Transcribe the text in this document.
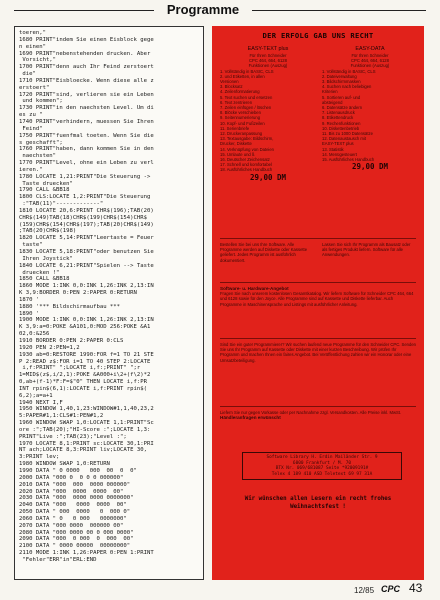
Programme
toeren,"
1680 PRINT"indem Sie einen Eisblock gege
n einen"
1690 PRINT"nebenstehenden drucken. Aber
Vorsicht,"
1700 PRINT"denn auch Ihr Feind zerstoert
die"
1710 PRINT"Eisbloecke. Wenn diese alle z
erstoert"
1720 PRINT"sind, verlieren sie ein Leben
und kommen";
1730 PRINT"in den naechsten Level. Um di
es zu "
1740 PRINT"verhindern, muessen Sie Ihren
Feind"
1750 PRINT"fuenfmal toeten. Wenn Sie die
s geschafft";
1760 PRINT"haben, dann kommen Sie in den
naechsten"
1770 PRINT"Level, ohne ein Leben zu verl
ieren."
1780 LOCATE 1,21:PRINT"Die Steuerung ->
Taste druecken"
1790 CALL &BB18
1800 CLS:LOCATE 1,2:PRINT"Die Steuerung
:"TAB(11)"-------------"
1810 LOCATE 20,6:PRINT CHR$(196);TAB(20)
CHR$(149)TAB(18)CHR$(199)CHR$(154)CHR$
(159)CHR$(154)CHR$(197);TAB(20)CHR$(149)
;TAB(20)CHR$(198)
1820 LOCATE 5,14:PRINT"Leertaste = Feuer
taste"
1830 LOCATE 5,18:PRINT"oder benutzen Sie
Ihren Joystick"
1840 LOCATE 6,21:PRINT"Spielen --> Taste
druecken !"
1850 CALL &BB18
1860 MODE 1:INK 0,0:INK 1,26:INK 2,13:IN
K 3,9:BORDER 0:PEN 2:PAPER 0:RETURN
1870 '
1880 '*** Bildschirmaufbau ***
1890 '
1900 MODE 1:INK 0,0:INK 1,26:INK 2,13:IN
K 3,9:a=0:POKE &A101,0:MOD 256:POKE &A1
02,0:&256
1910 BORDER 0:PEN 2:PAPER 0:CLS
1920 PEN 2:PEN=1,2
1930 ab=0:RESTORE 1990:FOR f=1 TO 21 STE
P 2:READ z$:FOR i=1 TO 40 STEP 2:LOCATE
i,f:PRINT" ";LOCATE i,f:;PRINT" ";r
1=MID$(z$,i/2,1):POKE &A000+i\2+(f\2)*2
0,ab+(f-1)*F:F=$"0" THEN LOCATE i,f:PR
INT rpin$(6,1):LOCATE i,f:PRINT rpin$(
6,2);a=a+1
1940 NEXT I,F
1950 WINDOW 1,40,1,23:WINDOW#1,1,40,23,2
5:PAPER#1,1:CLS#1:PEN#1,2
1960 WINDOW SWAP 1,0:LOCATE 1,1:PRINT"Sc
ore :";TAB(20);"HI-Score :";LOCATE 1,3:
PRINT"Live :";TAB(23);"Level :";
1970 LOCATE 8,1:PRINT sc:LOCATE 30,1:PRI
NT ach;LOCATE 8,3:PRINT liv;LOCATE 30,
3:PRINT lev;
1980 WINDOW SWAP 1,0:RETURN
1990 DATA " 0 0000   000  00  0  0"
2000 DATA "000 0  0 0 0 000000"
2010 DATA "000  000  0000 000000"
2020 DATA "000  0000  0000  00"
2030 DATA "000  0000 0000 0000000"
2040 DATA "000   0000  0000  00"
2050 DATA " 000  0000   0  000 0"
2060 DATA " 0   0 000   0000000"
2070 DATA "000 0000  000000 00"
2080 DATA "000 0000 00 0 000 0000"
2090 DATA "000  0 000  0  000  00"
2100 DATA " 0000 00000  00000000"
2110 MODE 1:INK 1,26:PAPER 0:PEN 1:PRINT
"Fehler"ERR"in"ERL:END
DER ERFOLG GAB UNS RECHT
EASY-TEXT plus
Für Ihren Schneider
CPC 464, 664, 6128
Funktionen (Auszug)
1. Vollständig in BASIC, CLS
2. und Etiketten, in allen
Versionen
3. Blocksatz
4. Zeilenformatierung
5. Text suchen und ersetzen
6. Text zentrieren
7. Zeilen einfügen / löschen
8. Blöcke verschieben
9. Seitennumerierung
10. Kopf- und Fußzeilen
11. Serienbriefe
12. Druckeranpassung
13. Textausgabe: Bildschirm,
Drucker, Diskette
14. Verknüpfung von Dateien
15. Umlaute und ß
16. Deutscher Zeichensatz
17. Schnell und komfortabel
18. Ausführliches Handbuch
29,00 DM
EASY-DATA
Für Ihren Schneider
CPC 464, 664, 6128
Funktionen (Auszug)
1. Vollständig in BASIC, CLS
2. Dateiverwaltung
3. Bildschirmmasken
4. Suchen nach beliebigen
Kriterien
5. Sortieren auf- und
absteigend
6. Datensätze ändern
7. Listenausdruck
8. Etikettendruck
9. Rechenfunktionen
10. Diskettenbetrieb
11. Bis zu 1000 Datensätze
12. Datenaustausch mit
EASY-TEXT plus
13. Statistik
14. Menügesteuert
15. Ausführliches Handbuch
29,00 DM
Bestellen Sie bei uns Ihre Software. Alle Programme werden auf Diskette oder Kassette geliefert. Jedes Programm ist ausführlich dokumentiert.
Lassen Sie sich Ihr Programm als Bausatz oder als fertiges Produkt liefern. Software für alle Anwendungen.
Software- u. Hardware-Angebot
Fragen Sie nach unserem kostenlosen Gesamtkatalog. Wir liefern Software für Schneider CPC 464, 664 und 6128 sowie für den Joyce. Alle Programme sind auf Kassette und Diskette lieferbar. Auch Programme in Maschinensprache und Listings mit ausführlicher Anleitung.
Sind Sie ein guter Programmierer? Wir suchen laufend neue Programme für den Schneider CPC. Senden Sie uns Ihr Programm auf Kassette oder Diskette mit einer kurzen Beschreibung. Wir prüfen Ihr Programm und machen Ihnen ein faires Angebot. Bei Veröffentlichung zahlen wir ein Honorar oder eine Umsatzbeteiligung.
Liefern Sie nur gegen Vorkasse oder per Nachnahme zzgl. Versandkosten. Alle Preise inkl. MwSt.
Händleranfragen erwünscht
Software Library H. Erdin Mailänder Str. 9
6000 Frankfurt / M. 70
BTX Nr. 069/681087 Seite *92009191#
Telex 4 189 410 ASD Teletext 69 97 31A
Wir wünschen allen Lesern ein recht frohes
Weihnachtsfest !
12/85 CPC 43
